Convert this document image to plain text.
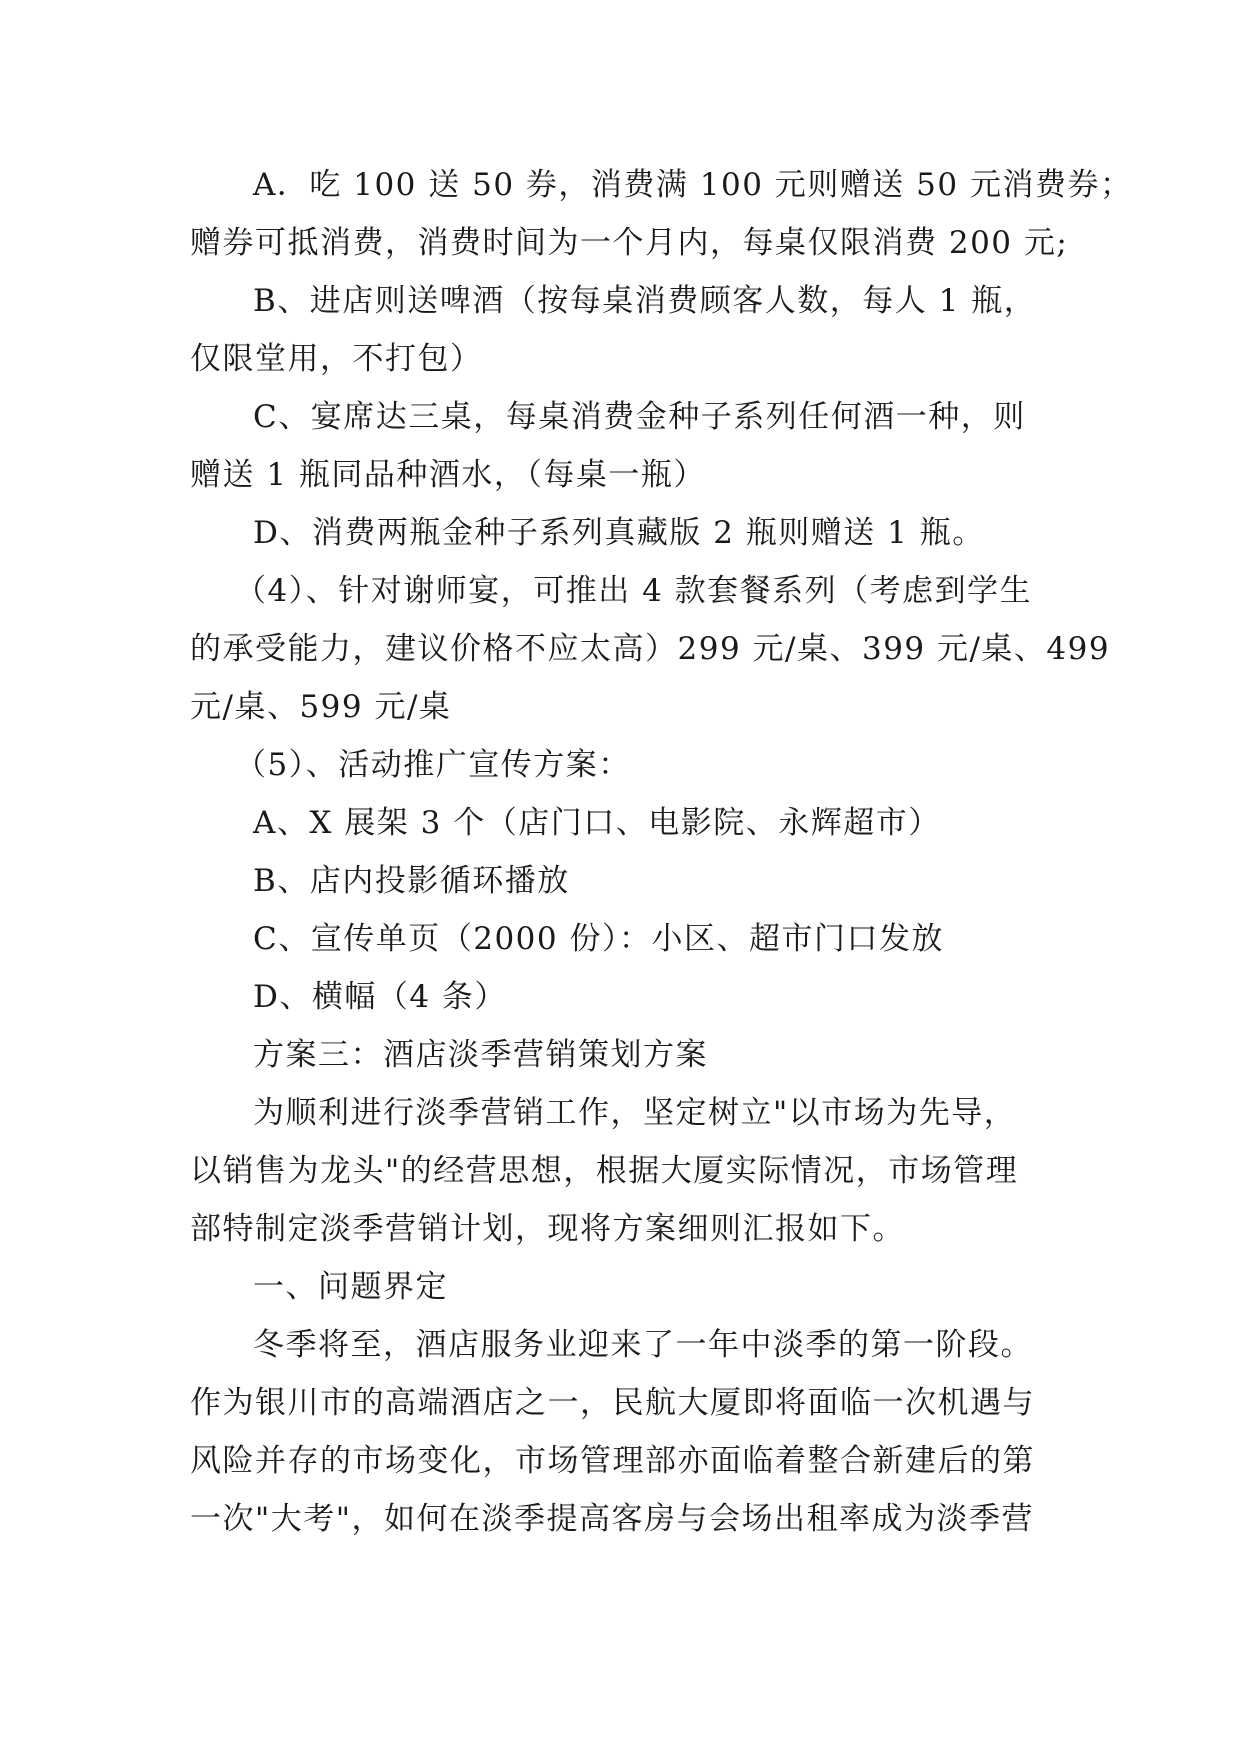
A．吃 100 送 50 券，消费满 100 元则赠送 50 元消费券；
赠券可抵消费，消费时间为一个月内，每桌仅限消费 200 元;
B、进店则送啤酒（按每桌消费顾客人数，每人 1 瓶，
仅限堂用，不打包）
C、宴席达三桌，每桌消费金种子系列任何酒一种，则
赠送 1 瓶同品种酒水，（每桌一瓶）
D、消费两瓶金种子系列真藏版 2 瓶则赠送 1 瓶。
（4）、针对谢师宴，可推出 4 款套餐系列（考虑到学生
的承受能力，建议价格不应太高）299 元/桌、399 元/桌、499
元/桌、599 元/桌
（5）、活动推广宣传方案：
A、X 展架 3 个（店门口、电影院、永辉超市）
B、店内投影循环播放
C、宣传单页（2000 份）：小区、超市门口发放
D、横幅（4 条）
方案三：酒店淡季营销策划方案
为顺利进行淡季营销工作，坚定树立"以市场为先导，
以销售为龙头"的经营思想，根据大厦实际情况，市场管理
部特制定淡季营销计划，现将方案细则汇报如下。
一、问题界定
冬季将至，酒店服务业迎来了一年中淡季的第一阶段。
作为银川市的高端酒店之一，民航大厦即将面临一次机遇与
风险并存的市场变化，市场管理部亦面临着整合新建后的第
一次"大考"，如何在淡季提高客房与会场出租率成为淡季营
